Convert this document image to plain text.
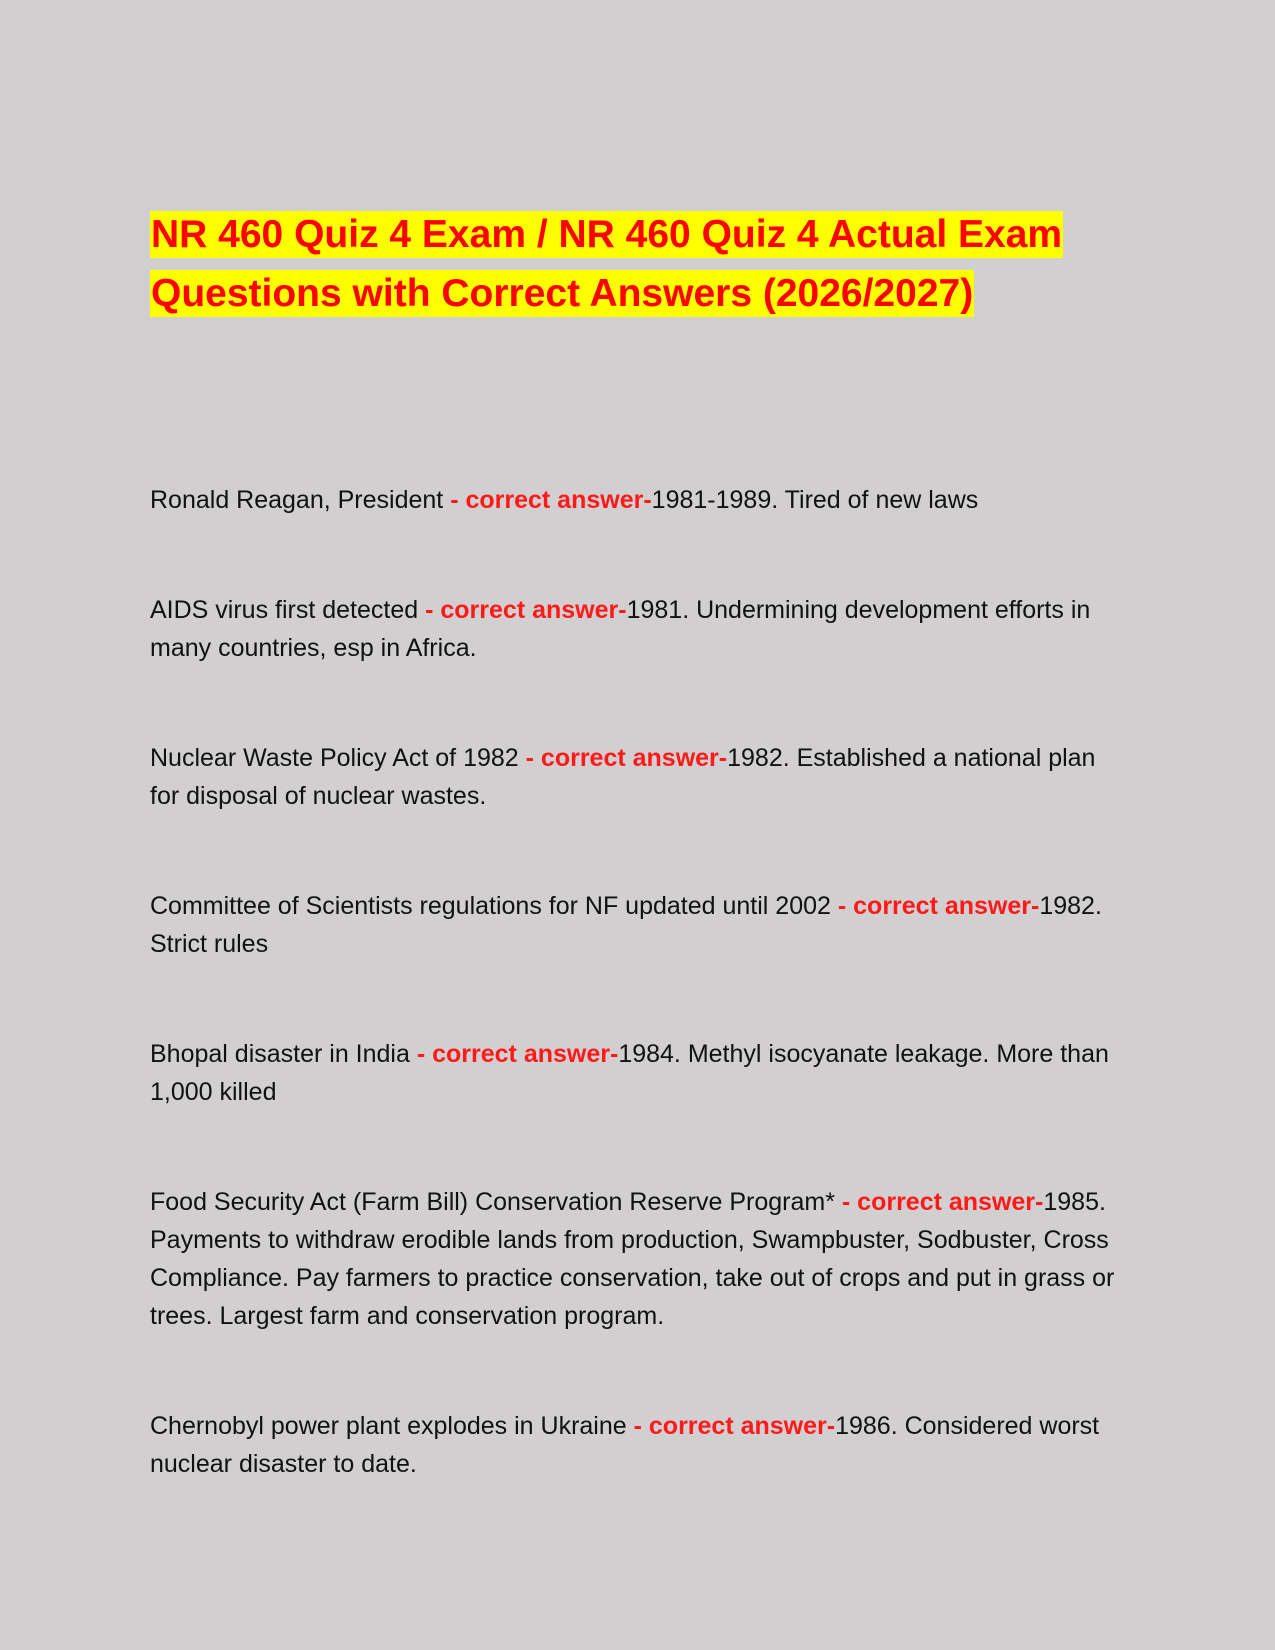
NR 460 Quiz 4 Exam / NR 460 Quiz 4 Actual Exam
Questions with Correct Answers (2026/2027)

Ronald Reagan, President - correct answer-1981-1989. Tired of new laws

AIDS virus first detected - correct answer-1981. Undermining development efforts in many countries, esp in Africa.

Nuclear Waste Policy Act of 1982 - correct answer-1982. Established a national plan for disposal of nuclear wastes.

Committee of Scientists regulations for NF updated until 2002 - correct answer-1982. Strict rules

Bhopal disaster in India - correct answer-1984. Methyl isocyanate leakage. More than 1,000 killed

Food Security Act (Farm Bill) Conservation Reserve Program* - correct answer-1985. Payments to withdraw erodible lands from production, Swampbuster, Sodbuster, Cross Compliance. Pay farmers to practice conservation, take out of crops and put in grass or trees. Largest farm and conservation program.

Chernobyl power plant explodes in Ukraine - correct answer-1986. Considered worst nuclear disaster to date.
